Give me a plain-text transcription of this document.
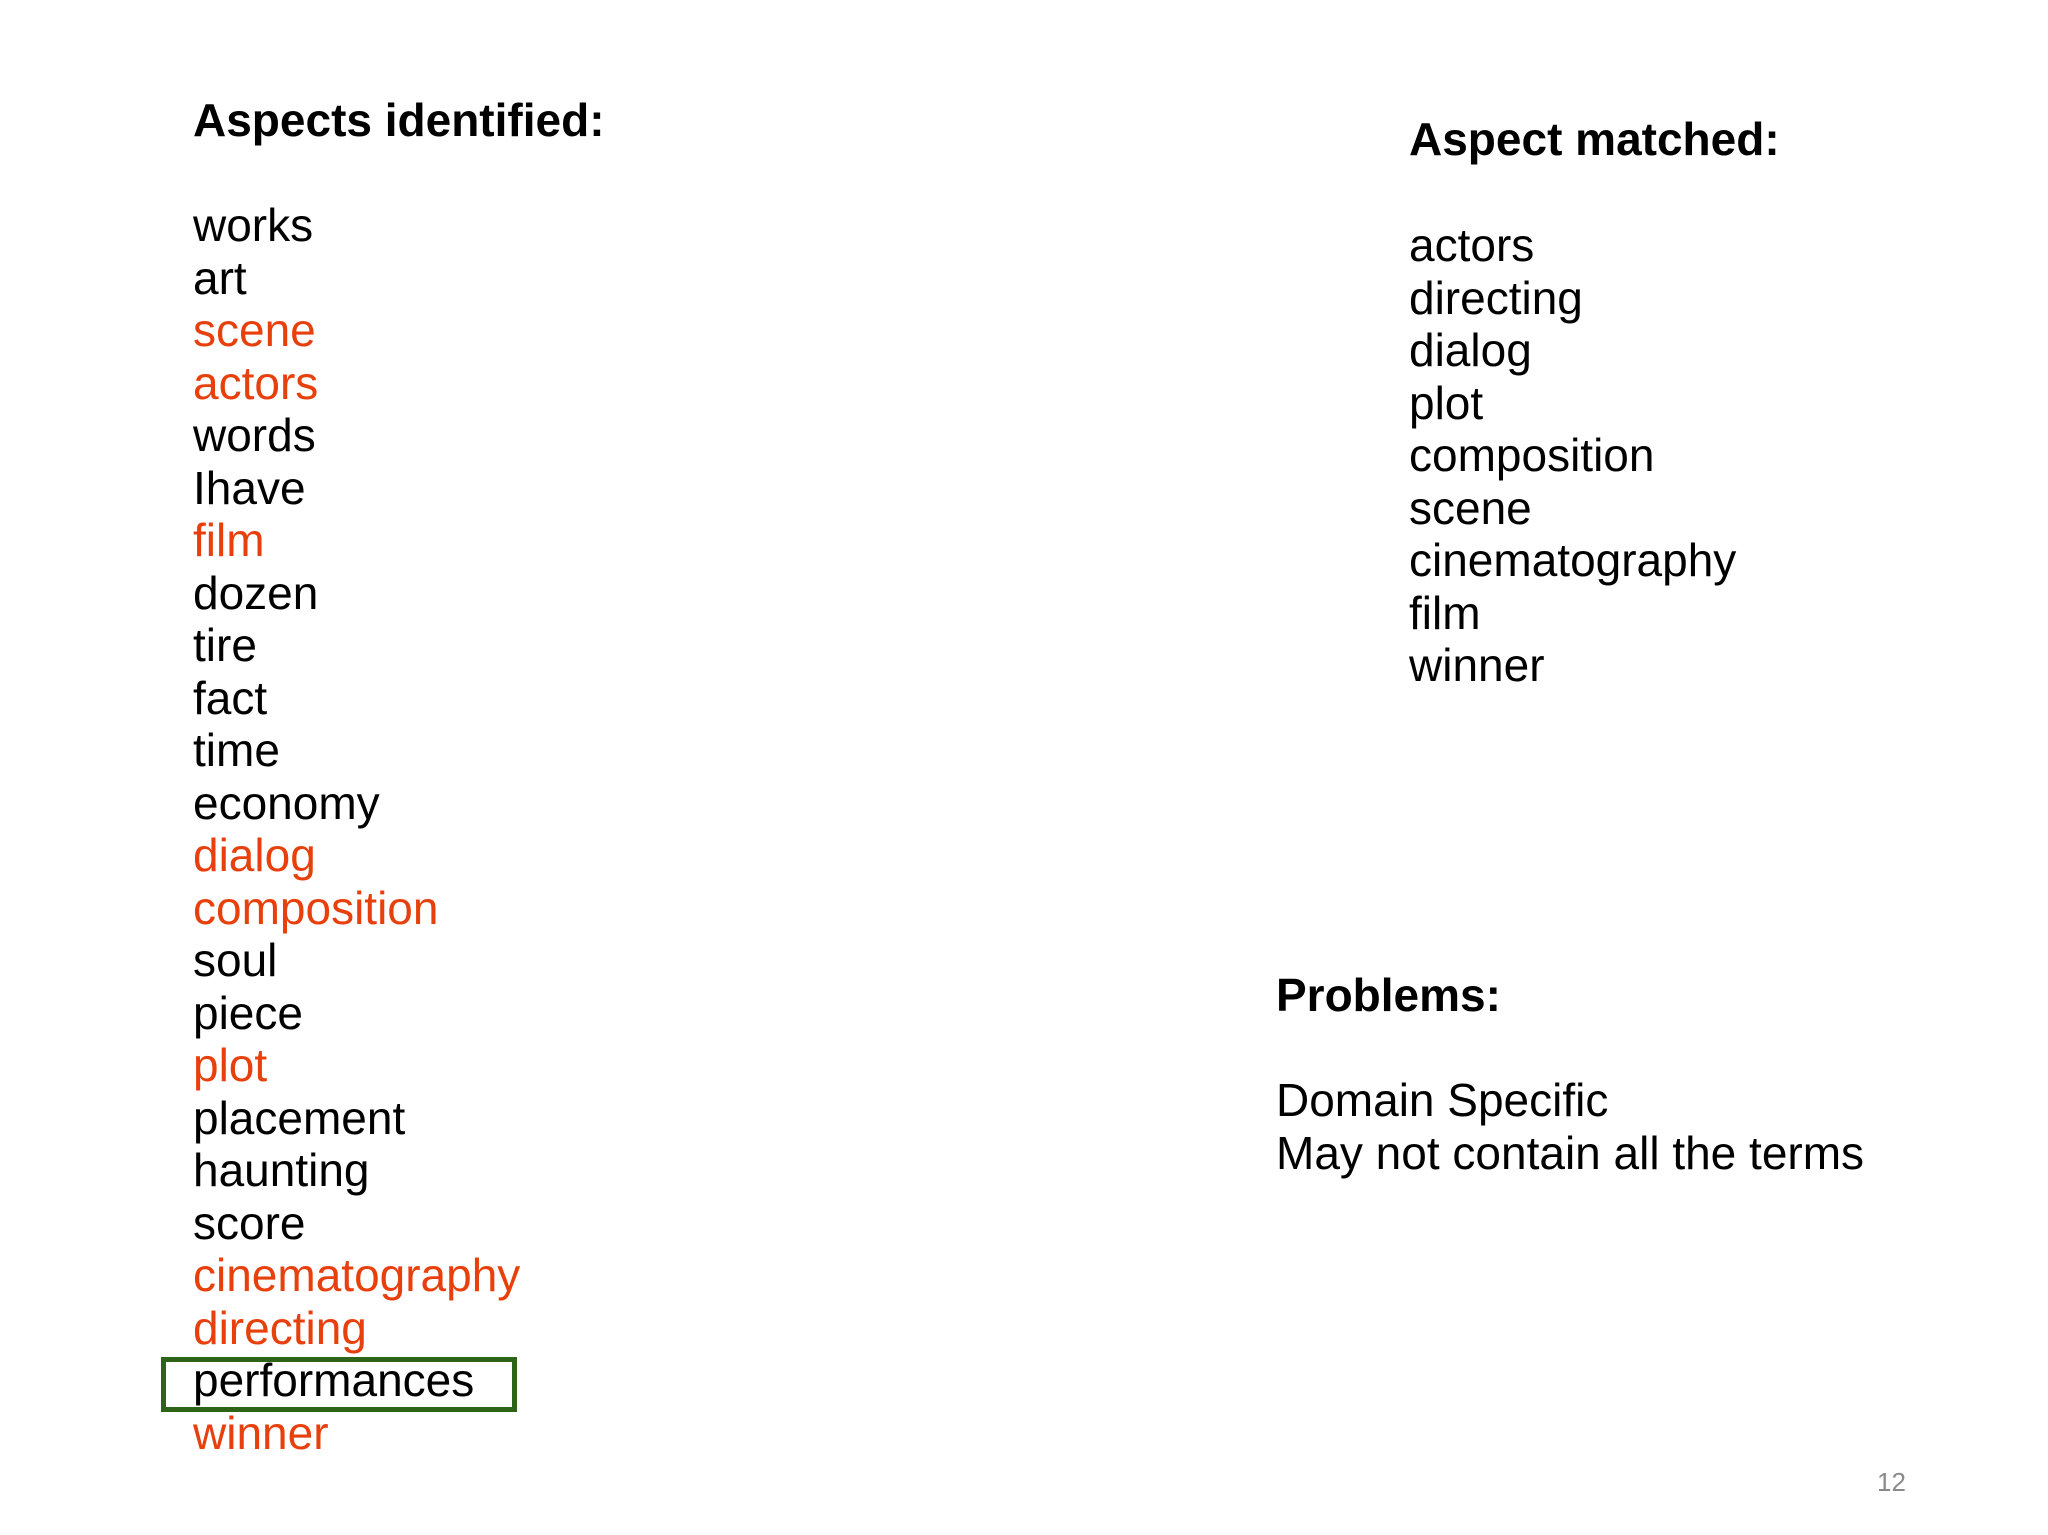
Aspects identified:
works
art
scene
actors
words
Ihave
film
dozen
tire
fact
time
economy
dialog
composition
soul
piece
plot
placement
haunting
score
cinematography
directing
performances
winner
Aspect matched:
actors
directing
dialog
plot
composition
scene
cinematography
film
winner
Problems:
Domain Specific
May not contain all the terms
12
